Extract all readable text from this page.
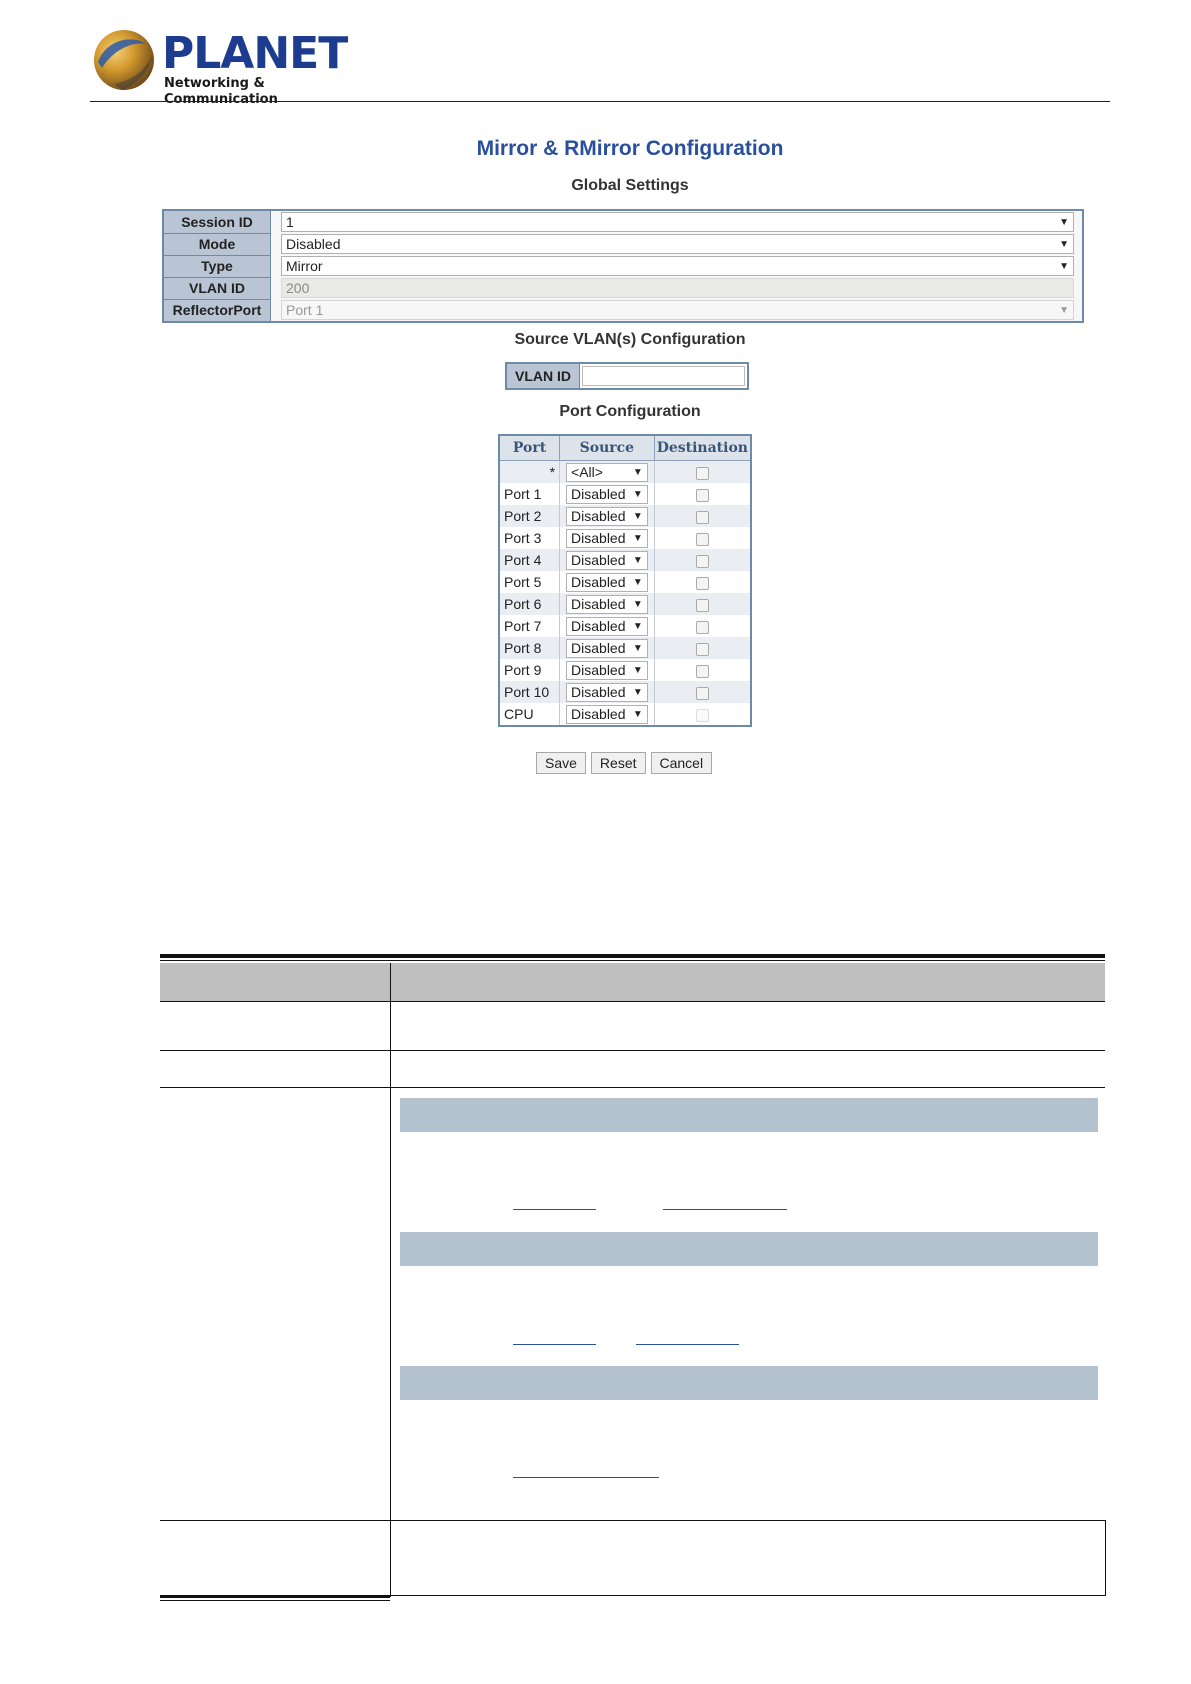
PLANET
Networking & Communication
Mirror & RMirror Configuration
Global Settings
Session ID	1 ▼

Mode	Disabled ▼

Type	Mirror ▼

VLAN ID	200

ReflectorPort	Port 1 ▼
Source VLAN(s) Configuration
VLAN ID
Port Configuration
Port	Source	Destination
*	<All> ▼	

Port 1	Disabled ▼	

Port 2	Disabled ▼	

Port 3	Disabled ▼	

Port 4	Disabled ▼	

Port 5	Disabled ▼	

Port 6	Disabled ▼	

Port 7	Disabled ▼	

Port 8	Disabled ▼	

Port 9	Disabled ▼	

Port 10	Disabled ▼	

CPU	Disabled ▼	

Save	Reset	Cancel
